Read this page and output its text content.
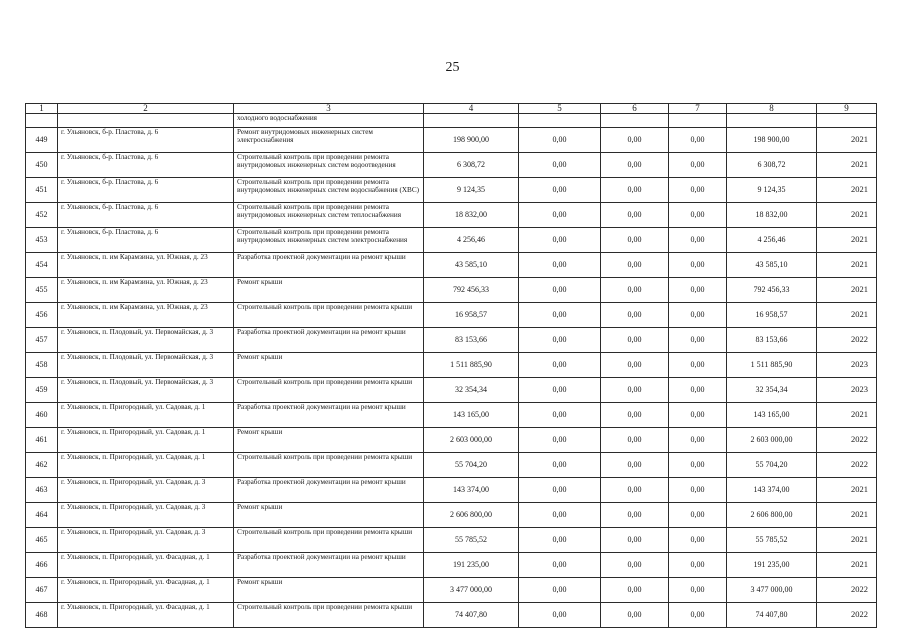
25
1	2	3	4	5	6	7	8	9
		холодного водоснабжения						
449	г. Ульяновск, б-р. Пластова, д. 6	Ремонт внутридомовых инженерных систем электроснабжения	198 900,00	0,00	0,00	0,00	198 900,00	2021
450	г. Ульяновск, б-р. Пластова, д. 6	Строительный контроль при проведении ремонта внутридомовых инженерных систем водоотведения	6 308,72	0,00	0,00	0,00	6 308,72	2021
451	г. Ульяновск, б-р. Пластова, д. 6	Строительный контроль при проведении ремонта внутридомовых инженерных систем водоснабжения (ХВС)	9 124,35	0,00	0,00	0,00	9 124,35	2021
452	г. Ульяновск, б-р. Пластова, д. 6	Строительный контроль при проведении ремонта внутридомовых инженерных систем теплоснабжения	18 832,00	0,00	0,00	0,00	18 832,00	2021
453	г. Ульяновск, б-р. Пластова, д. 6	Строительный контроль при проведении ремонта внутридомовых инженерных систем электроснабжения	4 256,46	0,00	0,00	0,00	4 256,46	2021
454	г. Ульяновск, п. им Карамзина, ул. Южная, д. 23	Разработка проектной документации на ремонт крыши	43 585,10	0,00	0,00	0,00	43 585,10	2021
455	г. Ульяновск, п. им Карамзина, ул. Южная, д. 23	Ремонт крыши	792 456,33	0,00	0,00	0,00	792 456,33	2021
456	г. Ульяновск, п. им Карамзина, ул. Южная, д. 23	Строительный контроль при проведении ремонта крыши	16 958,57	0,00	0,00	0,00	16 958,57	2021
457	г. Ульяновск, п. Плодовый, ул. Первомайская, д. 3	Разработка проектной документации на ремонт крыши	83 153,66	0,00	0,00	0,00	83 153,66	2022
458	г. Ульяновск, п. Плодовый, ул. Первомайская, д. 3	Ремонт крыши	1 511 885,90	0,00	0,00	0,00	1 511 885,90	2023
459	г. Ульяновск, п. Плодовый, ул. Первомайская, д. 3	Строительный контроль при проведении ремонта крыши	32 354,34	0,00	0,00	0,00	32 354,34	2023
460	г. Ульяновск, п. Пригородный, ул. Садовая, д. 1	Разработка проектной документации на ремонт крыши	143 165,00	0,00	0,00	0,00	143 165,00	2021
461	г. Ульяновск, п. Пригородный, ул. Садовая, д. 1	Ремонт крыши	2 603 000,00	0,00	0,00	0,00	2 603 000,00	2022
462	г. Ульяновск, п. Пригородный, ул. Садовая, д. 1	Строительный контроль при проведении ремонта крыши	55 704,20	0,00	0,00	0,00	55 704,20	2022
463	г. Ульяновск, п. Пригородный, ул. Садовая, д. 3	Разработка проектной документации на ремонт крыши	143 374,00	0,00	0,00	0,00	143 374,00	2021
464	г. Ульяновск, п. Пригородный, ул. Садовая, д. 3	Ремонт крыши	2 606 800,00	0,00	0,00	0,00	2 606 800,00	2021
465	г. Ульяновск, п. Пригородный, ул. Садовая, д. 3	Строительный контроль при проведении ремонта крыши	55 785,52	0,00	0,00	0,00	55 785,52	2021
466	г. Ульяновск, п. Пригородный, ул. Фасадная, д. 1	Разработка проектной документации на ремонт крыши	191 235,00	0,00	0,00	0,00	191 235,00	2021
467	г. Ульяновск, п. Пригородный, ул. Фасадная, д. 1	Ремонт крыши	3 477 000,00	0,00	0,00	0,00	3 477 000,00	2022
468	г. Ульяновск, п. Пригородный, ул. Фасадная, д. 1	Строительный контроль при проведении ремонта крыши	74 407,80	0,00	0,00	0,00	74 407,80	2022
